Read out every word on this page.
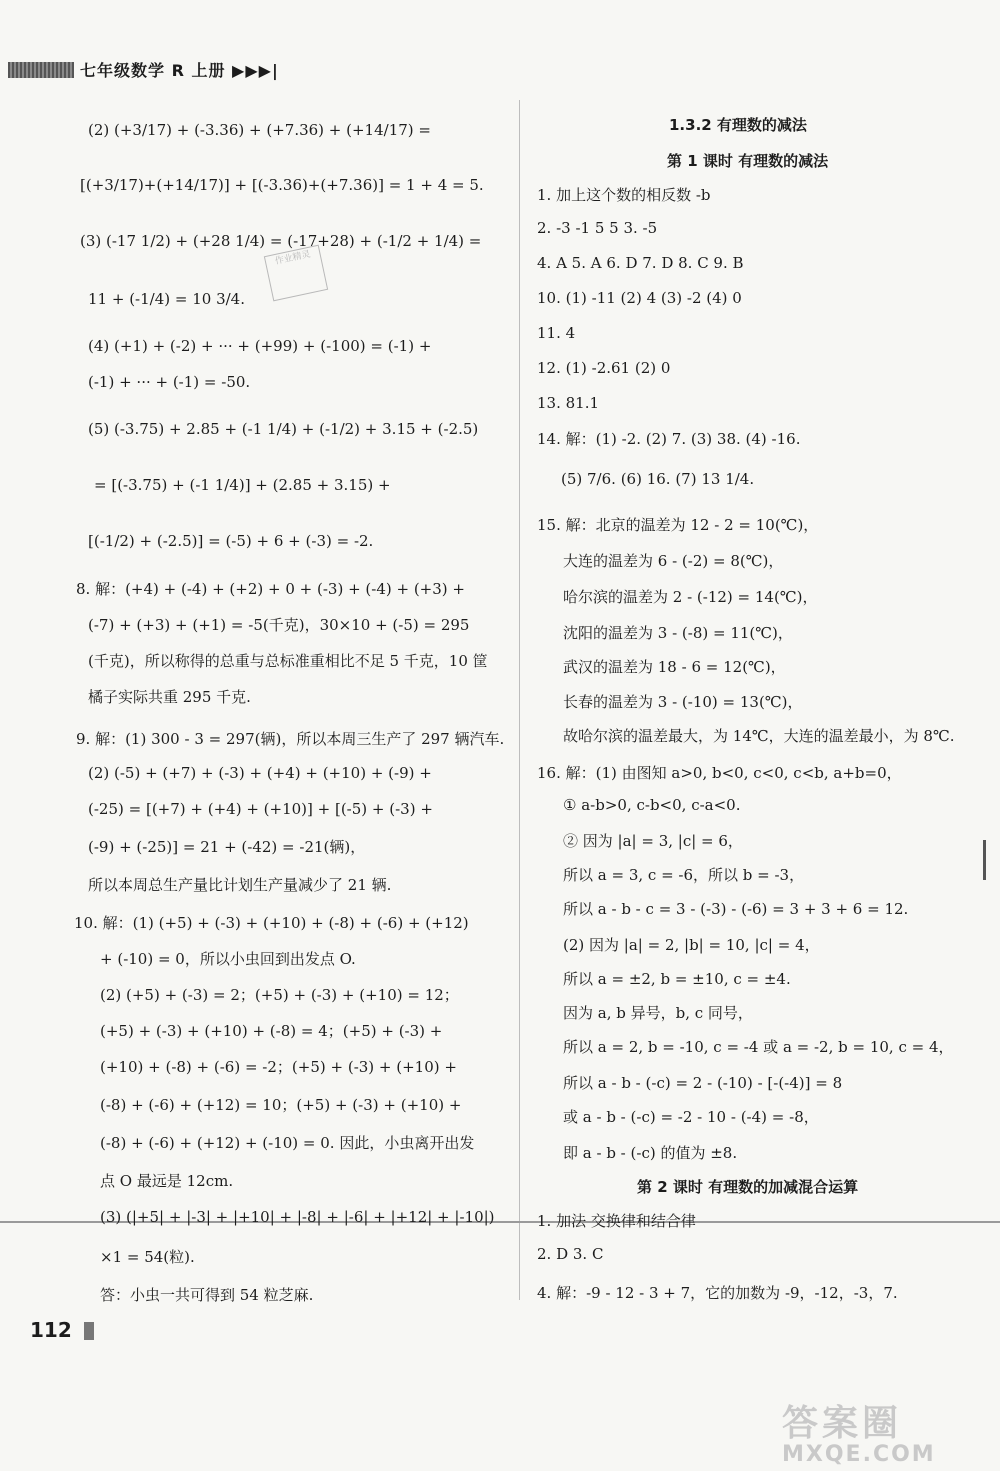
七年级数学 R 上册 ▶▶▶|
作业精灵
(2) (+3/17) + (-3.36) + (+7.36) + (+14/17) =
[(+3/17)+(+14/17)] + [(-3.36)+(+7.36)] = 1 + 4 = 5.
(3) (-17 1/2) + (+28 1/4) = (-17+28) + (-1/2 + 1/4) =
11 + (-1/4) = 10 3/4.
(4) (+1) + (-2) + ··· + (+99) + (-100) = (-1) +
(-1) + ··· + (-1) = -50.
(5) (-3.75) + 2.85 + (-1 1/4) + (-1/2) + 3.15 + (-2.5)
= [(-3.75) + (-1 1/4)] + (2.85 + 3.15) +
[(-1/2) + (-2.5)] = (-5) + 6 + (-3) = -2.
8. 解：(+4) + (-4) + (+2) + 0 + (-3) + (-4) + (+3) +
(-7) + (+3) + (+1) = -5(千克)，30×10 + (-5) = 295
(千克)，所以称得的总重与总标准重相比不足 5 千克，10 筐
橘子实际共重 295 千克.
9. 解：(1) 300 - 3 = 297(辆)，所以本周三生产了 297 辆汽车.
(2) (-5) + (+7) + (-3) + (+4) + (+10) + (-9) +
(-25) = [(+7) + (+4) + (+10)] + [(-5) + (-3) +
(-9) + (-25)] = 21 + (-42) = -21(辆)，
所以本周总生产量比计划生产量减少了 21 辆.
10. 解：(1) (+5) + (-3) + (+10) + (-8) + (-6) + (+12)
+ (-10) = 0，所以小虫回到出发点 O.
(2) (+5) + (-3) = 2；(+5) + (-3) + (+10) = 12；
(+5) + (-3) + (+10) + (-8) = 4；(+5) + (-3) +
(+10) + (-8) + (-6) = -2；(+5) + (-3) + (+10) +
(-8) + (-6) + (+12) = 10；(+5) + (-3) + (+10) +
(-8) + (-6) + (+12) + (-10) = 0. 因此，小虫离开出发
点 O 最远是 12cm.
(3) (|+5| + |-3| + |+10| + |-8| + |-6| + |+12| + |-10|)
×1 = 54(粒).
答：小虫一共可得到 54 粒芝麻.
1.3.2 有理数的减法
第 1 课时 有理数的减法
1. 加上这个数的相反数 -b
2. -3 -1 5 5 3. -5
4. A 5. A 6. D 7. D 8. C 9. B
10. (1) -11 (2) 4 (3) -2 (4) 0
11. 4
12. (1) -2.61 (2) 0
13. 81.1
14. 解：(1) -2. (2) 7. (3) 38. (4) -16.
(5) 7/6. (6) 16. (7) 13 1/4.
15. 解：北京的温差为 12 - 2 = 10(℃)，
大连的温差为 6 - (-2) = 8(℃)，
哈尔滨的温差为 2 - (-12) = 14(℃)，
沈阳的温差为 3 - (-8) = 11(℃)，
武汉的温差为 18 - 6 = 12(℃)，
长春的温差为 3 - (-10) = 13(℃)，
故哈尔滨的温差最大，为 14℃，大连的温差最小，为 8℃.
16. 解：(1) 由图知 a>0, b<0, c<0, c<b, a+b=0，
① a-b>0, c-b<0, c-a<0.
② 因为 |a| = 3, |c| = 6，
所以 a = 3, c = -6，所以 b = -3，
所以 a - b - c = 3 - (-3) - (-6) = 3 + 3 + 6 = 12.
(2) 因为 |a| = 2, |b| = 10, |c| = 4，
所以 a = ±2, b = ±10, c = ±4.
因为 a, b 异号，b, c 同号，
所以 a = 2, b = -10, c = -4 或 a = -2, b = 10, c = 4，
所以 a - b - (-c) = 2 - (-10) - [-(-4)] = 8
或 a - b - (-c) = -2 - 10 - (-4) = -8，
即 a - b - (-c) 的值为 ±8.
第 2 课时 有理数的加减混合运算
1. 加法 交换律和结合律
2. D 3. C
4. 解：-9 - 12 - 3 + 7，它的加数为 -9，-12，-3，7.
112
答案圈
MXQE.COM
